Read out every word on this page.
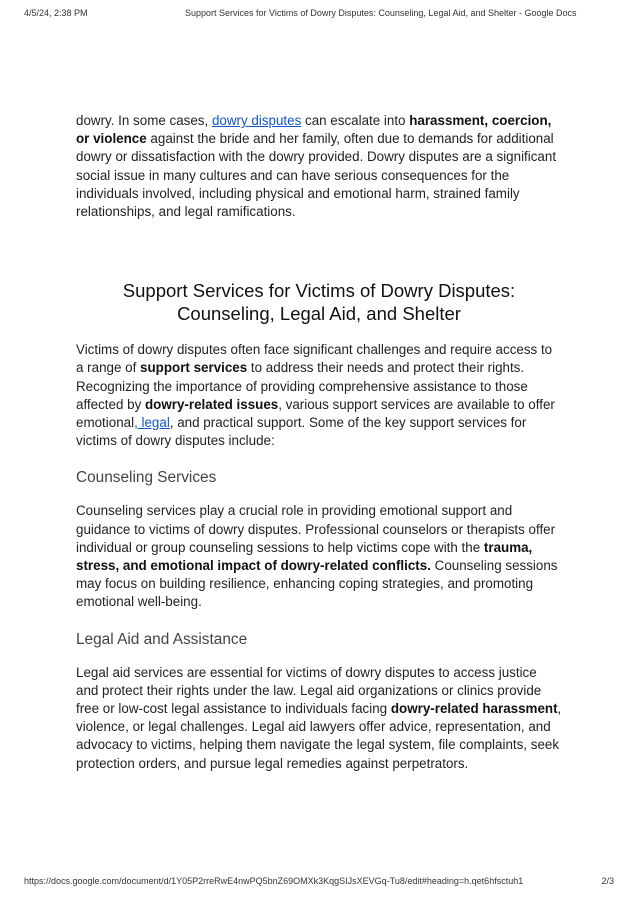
4/5/24, 2:38 PM	Support Services for Victims of Dowry Disputes: Counseling, Legal Aid, and Shelter - Google Docs

dowry. In some cases, dowry disputes can escalate into harassment, coercion, or violence against the bride and her family, often due to demands for additional dowry or dissatisfaction with the dowry provided. Dowry disputes are a significant social issue in many cultures and can have serious consequences for the individuals involved, including physical and emotional harm, strained family relationships, and legal ramifications.

Support Services for Victims of Dowry Disputes: Counseling, Legal Aid, and Shelter

Victims of dowry disputes often face significant challenges and require access to a range of support services to address their needs and protect their rights. Recognizing the importance of providing comprehensive assistance to those affected by dowry-related issues, various support services are available to offer emotional, legal, and practical support. Some of the key support services for victims of dowry disputes include:

Counseling Services

Counseling services play a crucial role in providing emotional support and guidance to victims of dowry disputes. Professional counselors or therapists offer individual or group counseling sessions to help victims cope with the trauma, stress, and emotional impact of dowry-related conflicts. Counseling sessions may focus on building resilience, enhancing coping strategies, and promoting emotional well-being.

Legal Aid and Assistance

Legal aid services are essential for victims of dowry disputes to access justice and protect their rights under the law. Legal aid organizations or clinics provide free or low-cost legal assistance to individuals facing dowry-related harassment, violence, or legal challenges. Legal aid lawyers offer advice, representation, and advocacy to victims, helping them navigate the legal system, file complaints, seek protection orders, and pursue legal remedies against perpetrators.

https://docs.google.com/document/d/1Y05P2rreRwE4nwPQ5bnZ69OMXk3KqgSIJsXEVGq-Tu8/edit#heading=h.qet6hfsctuh1	2/3
